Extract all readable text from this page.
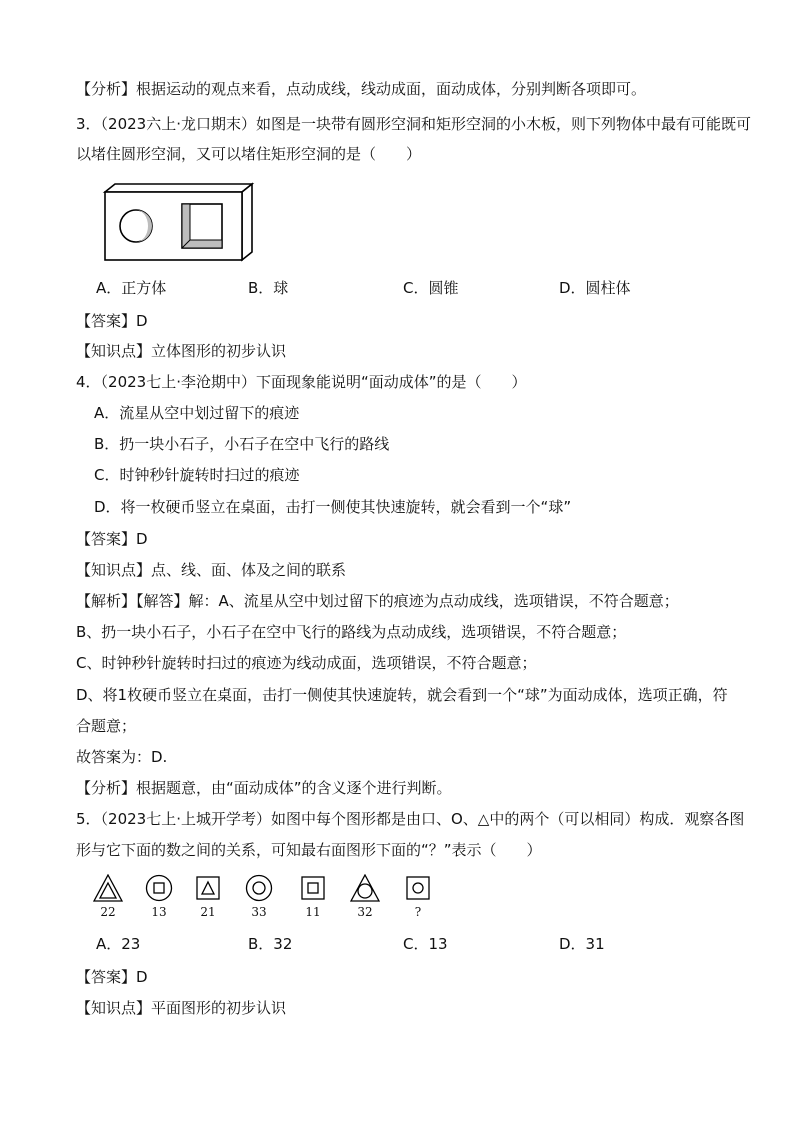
【分析】根据运动的观点来看，点动成线，线动成面，面动成体，分别判断各项即可。
3．（2023六上·龙口期末）如图是一块带有圆形空洞和矩形空洞的小木板，则下列物体中最有可能既可
以堵住圆形空洞，又可以堵住矩形空洞的是（　　）
A．正方体	B．球	C．圆锥	D．圆柱体
【答案】D
【知识点】立体图形的初步认识
4．（2023七上·李沧期中）下面现象能说明“面动成体”的是（　　）
A．流星从空中划过留下的痕迹
B．扔一块小石子，小石子在空中飞行的路线
C．时钟秒针旋转时扫过的痕迹
D．将一枚硬币竖立在桌面，击打一侧使其快速旋转，就会看到一个“球”
【答案】D
【知识点】点、线、面、体及之间的联系
【解析】【解答】解：A、流星从空中划过留下的痕迹为点动成线，选项错误，不符合题意；
B、扔一块小石子，小石子在空中飞行的路线为点动成线，选项错误，不符合题意；
C、时钟秒针旋转时扫过的痕迹为线动成面，选项错误，不符合题意；
D、将1枚硬币竖立在桌面，击打一侧使其快速旋转，就会看到一个“球”为面动成体，选项正确，符
合题意；
故答案为：D.
【分析】根据题意，由“面动成体”的含义逐个进行判断。
5．（2023七上·上城开学考）如图中每个图形都是由口、O、△中的两个（可以相同）构成．观察各图
形与它下面的数之间的关系，可知最右面图形下面的“？”表示（　　）
22	13	21	33	11	32	?
A．23	B．32	C．13	D．31
【答案】D
【知识点】平面图形的初步认识
